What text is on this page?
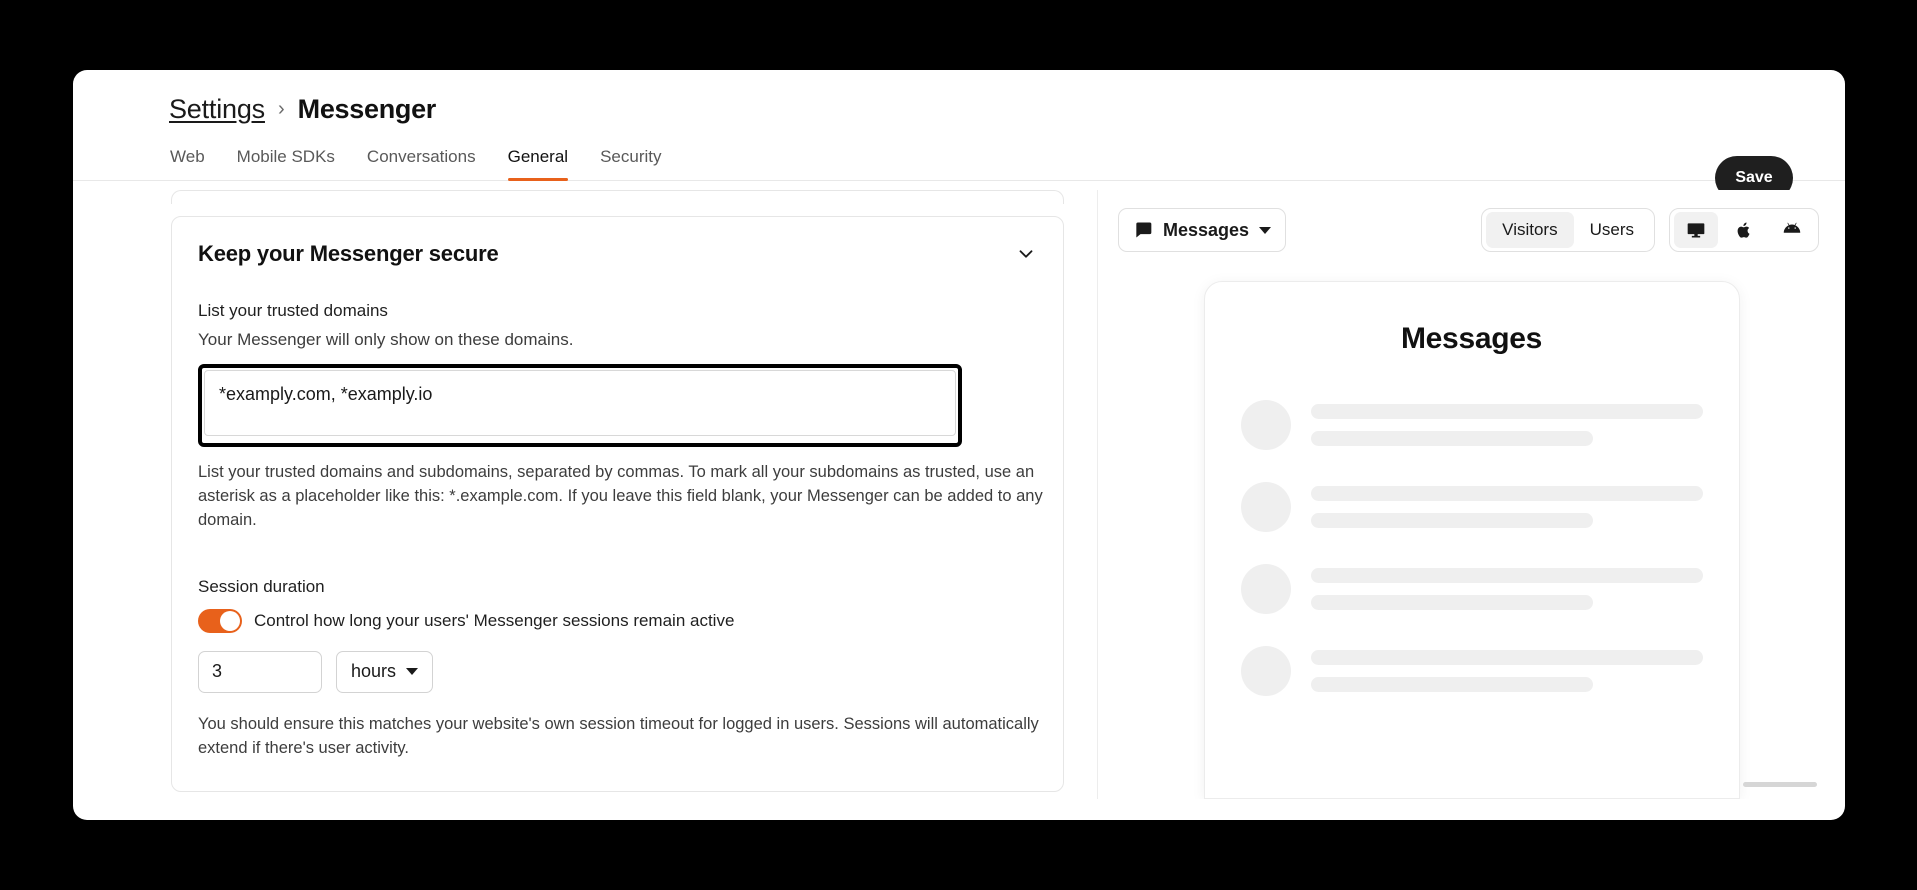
Settings › Messenger
Save
Web Mobile SDKs Conversations General Security
Keep your Messenger secure
List your trusted domains
Your Messenger will only show on these domains.
*examply.com, *examply.io
List your trusted domains and subdomains, separated by commas. To mark all your subdomains as trusted, use an asterisk as a placeholder like this: *.example.com. If you leave this field blank, your Messenger can be added to any domain.
Session duration
Control how long your users' Messenger sessions remain active
3
hours
You should ensure this matches your website's own session timeout for logged in users. Sessions will automatically extend if there's user activity.
Messages	Visitors	Users
Messages
